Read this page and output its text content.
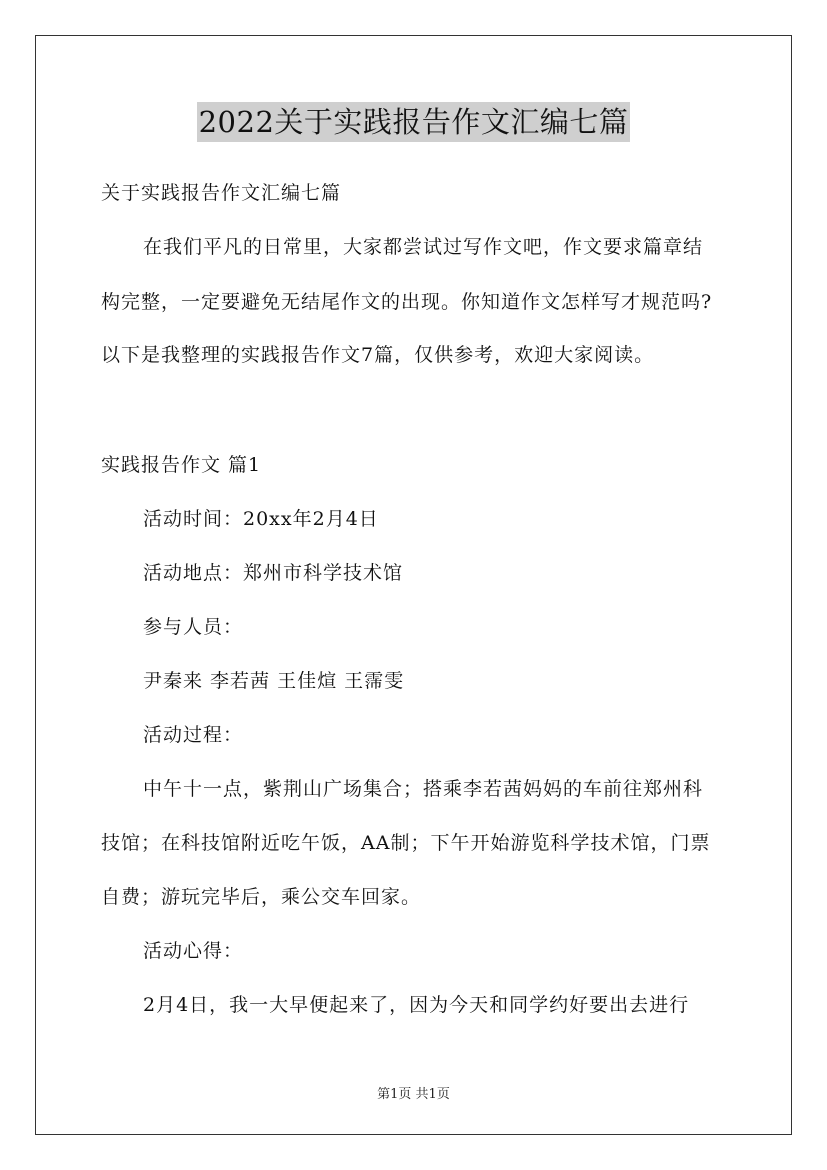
2022关于实践报告作文汇编七篇
关于实践报告作文汇编七篇
在我们平凡的日常里，大家都尝试过写作文吧，作文要求篇章结
构完整，一定要避免无结尾作文的出现。你知道作文怎样写才规范吗?
以下是我整理的实践报告作文7篇，仅供参考，欢迎大家阅读。
实践报告作文 篇1
活动时间：20xx年2月4日
活动地点：郑州市科学技术馆
参与人员：
尹秦来 李若茜 王佳煊 王霈雯
活动过程：
中午十一点，紫荆山广场集合；搭乘李若茜妈妈的车前往郑州科
技馆；在科技馆附近吃午饭，AA制；下午开始游览科学技术馆，门票
自费；游玩完毕后，乘公交车回家。
活动心得：
2月4日，我一大早便起来了，因为今天和同学约好要出去进行
第1页 共1页
